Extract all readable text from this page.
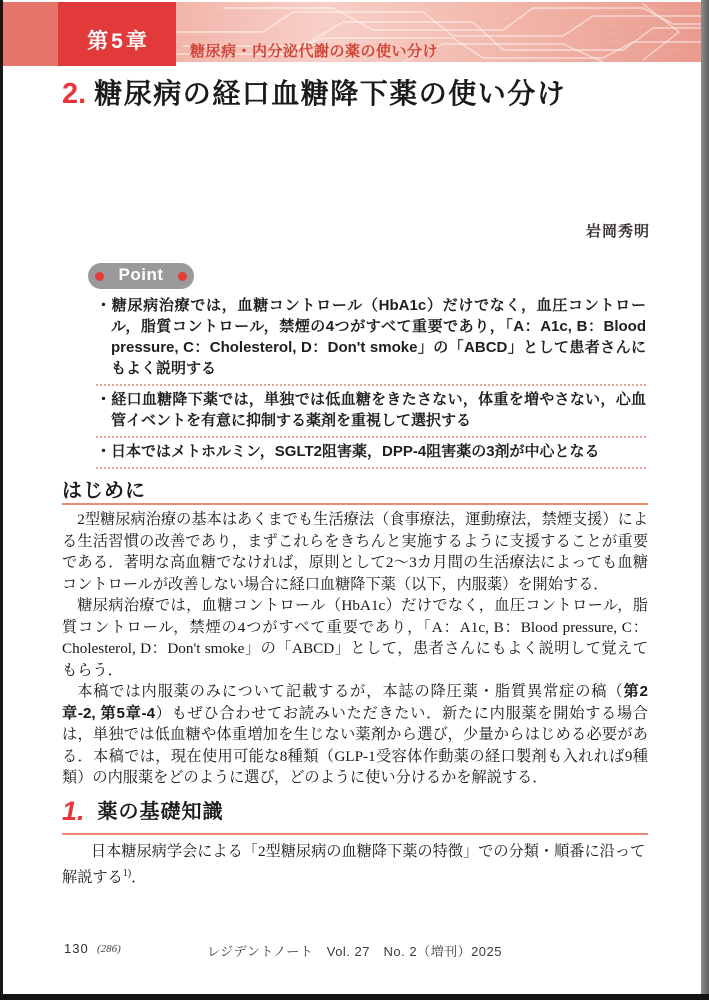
第5章	糖尿病・内分泌代謝の薬の使い分け
2. 糖尿病の経口血糖降下薬の使い分け
岩岡秀明
Point
・糖尿病治療では，血糖コントロール（HbA1c）だけでなく，血圧コントロール，脂質コントロール，禁煙の4つがすべて重要であり，「A：A1c, B：Blood pressure, C：Cholesterol, D：Don't smoke」の「ABCD」として患者さんにもよく説明する
・経口血糖降下薬では，単独では低血糖をきたさない，体重を増やさない，心血管イベントを有意に抑制する薬剤を重視して選択する
・日本ではメトホルミン，SGLT2阻害薬，DPP-4阻害薬の3剤が中心となる
はじめに

2型糖尿病治療の基本はあくまでも生活療法（食事療法，運動療法，禁煙支援）による生活習慣の改善であり，まずこれらをきちんと実施するように支援することが重要である．著明な高血糖でなければ，原則として2〜3カ月間の生活療法によっても血糖コントロールが改善しない場合に経口血糖降下薬（以下，内服薬）を開始する．

糖尿病治療では，血糖コントロール（HbA1c）だけでなく，血圧コントロール，脂質コントロール，禁煙の4つがすべて重要であり，「A：A1c, B：Blood pressure, C：Cholesterol, D：Don't smoke」の「ABCD」として，患者さんにもよく説明して覚えてもらう．

本稿では内服薬のみについて記載するが，本誌の降圧薬・脂質異常症の稿（第2章-2, 第5章-4）もぜひ合わせてお読みいただきたい．新たに内服薬を開始する場合は，単独では低血糖や体重増加を生じない薬剤から選び，少量からはじめる必要がある．本稿では，現在使用可能な8種類（GLP-1受容体作動薬の経口製剤も入れれば9種類）の内服薬をどのように選び，どのように使い分けるかを解説する．

1. 薬の基礎知識
日本糖尿病学会による「2型糖尿病の血糖降下薬の特徴」での分類・順番に沿って解説する$^{1)}$．
レジデントノート　Vol. 27　No. 2（増刊）2025
130 (286)
